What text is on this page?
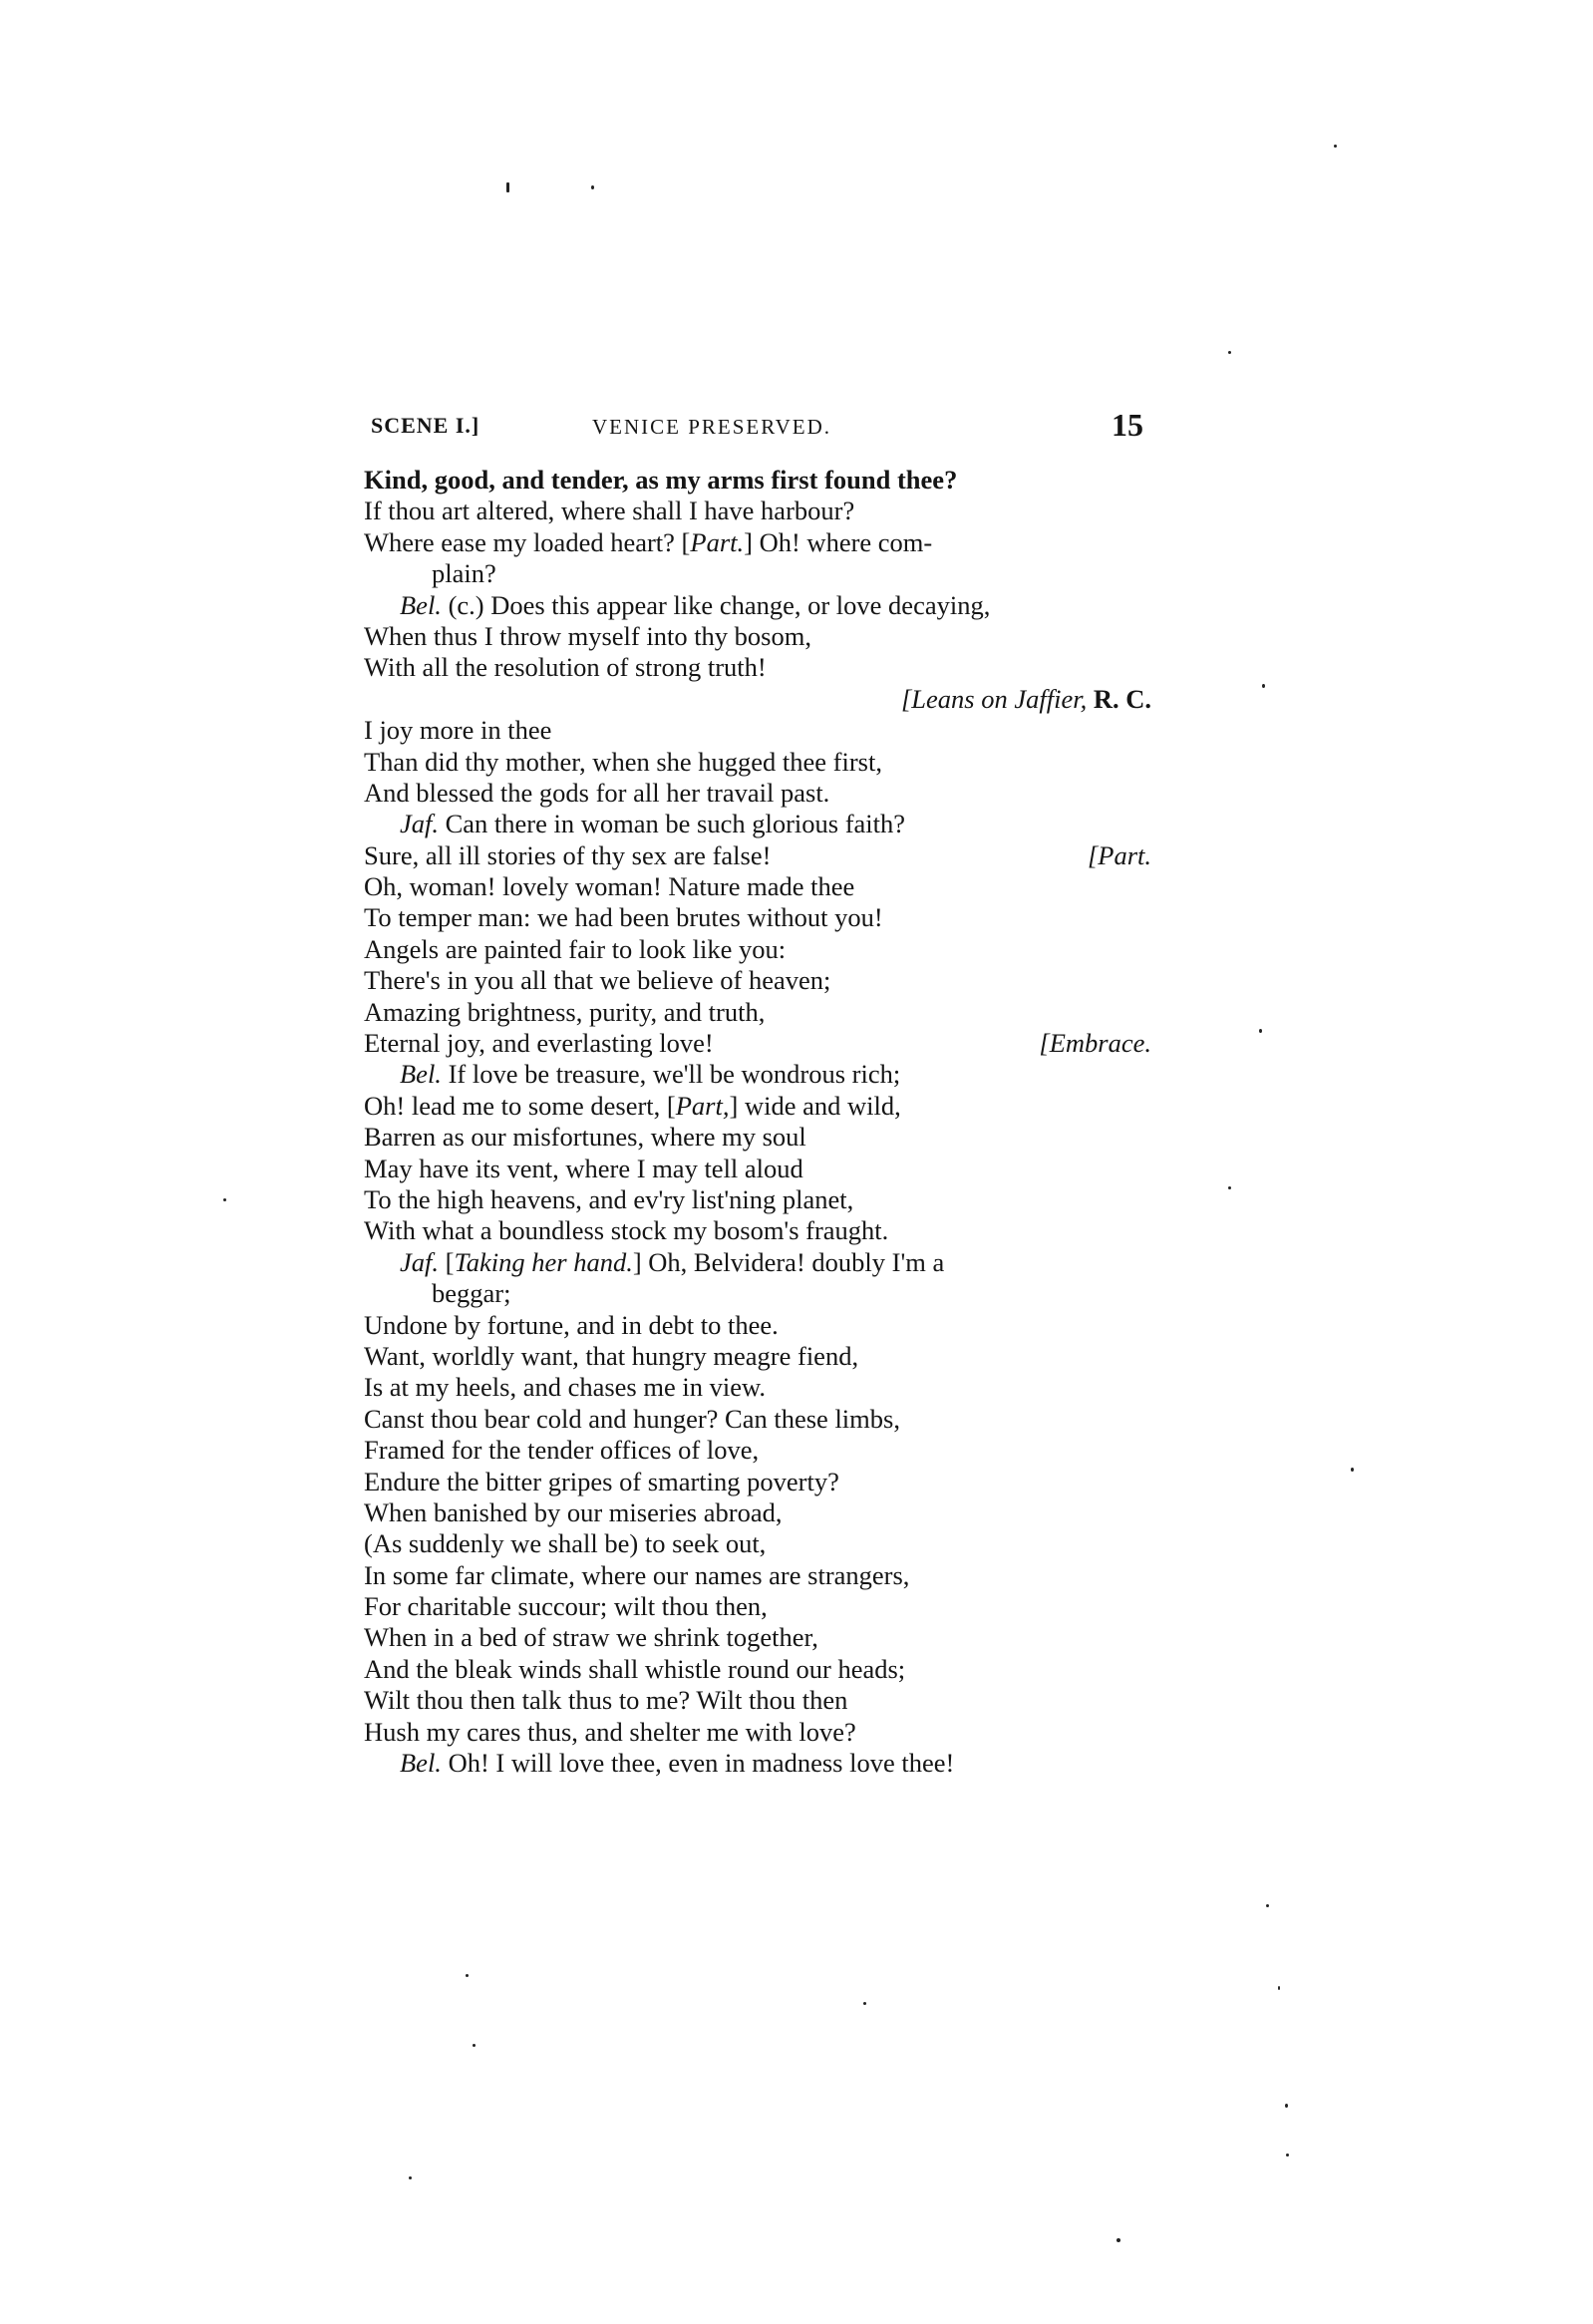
SCENE I.]	VENICE PRESERVED.	15
Kind, good, and tender, as my arms first found thee?
If thou art altered, where shall I have harbour?
Where ease my loaded heart? [Part.] Oh! where com-
plain?
Bel. (c.) Does this appear like change, or love decaying,
When thus I throw myself into thy bosom,
With all the resolution of strong truth!
[Leans on Jaffier, R. C.
I joy more in thee
Than did thy mother, when she hugged thee first,
And blessed the gods for all her travail past.
Jaf. Can there in woman be such glorious faith?
Sure, all ill stories of thy sex are false!	[Part.
Oh, woman! lovely woman! Nature made thee
To temper man: we had been brutes without you!
Angels are painted fair to look like you:
There's in you all that we believe of heaven;
Amazing brightness, purity, and truth,
Eternal joy, and everlasting love!	[Embrace.
Bel. If love be treasure, we'll be wondrous rich;
Oh! lead me to some desert, [Part,] wide and wild,
Barren as our misfortunes, where my soul
May have its vent, where I may tell aloud
To the high heavens, and ev'ry list'ning planet,
With what a boundless stock my bosom's fraught.
Jaf. [Taking her hand.] Oh, Belvidera! doubly I'm a
beggar;
Undone by fortune, and in debt to thee.
Want, worldly want, that hungry meagre fiend,
Is at my heels, and chases me in view.
Canst thou bear cold and hunger? Can these limbs,
Framed for the tender offices of love,
Endure the bitter gripes of smarting poverty?
When banished by our miseries abroad,
(As suddenly we shall be) to seek out,
In some far climate, where our names are strangers,
For charitable succour; wilt thou then,
When in a bed of straw we shrink together,
And the bleak winds shall whistle round our heads;
Wilt thou then talk thus to me? Wilt thou then
Hush my cares thus, and shelter me with love?
Bel. Oh! I will love thee, even in madness love thee!
